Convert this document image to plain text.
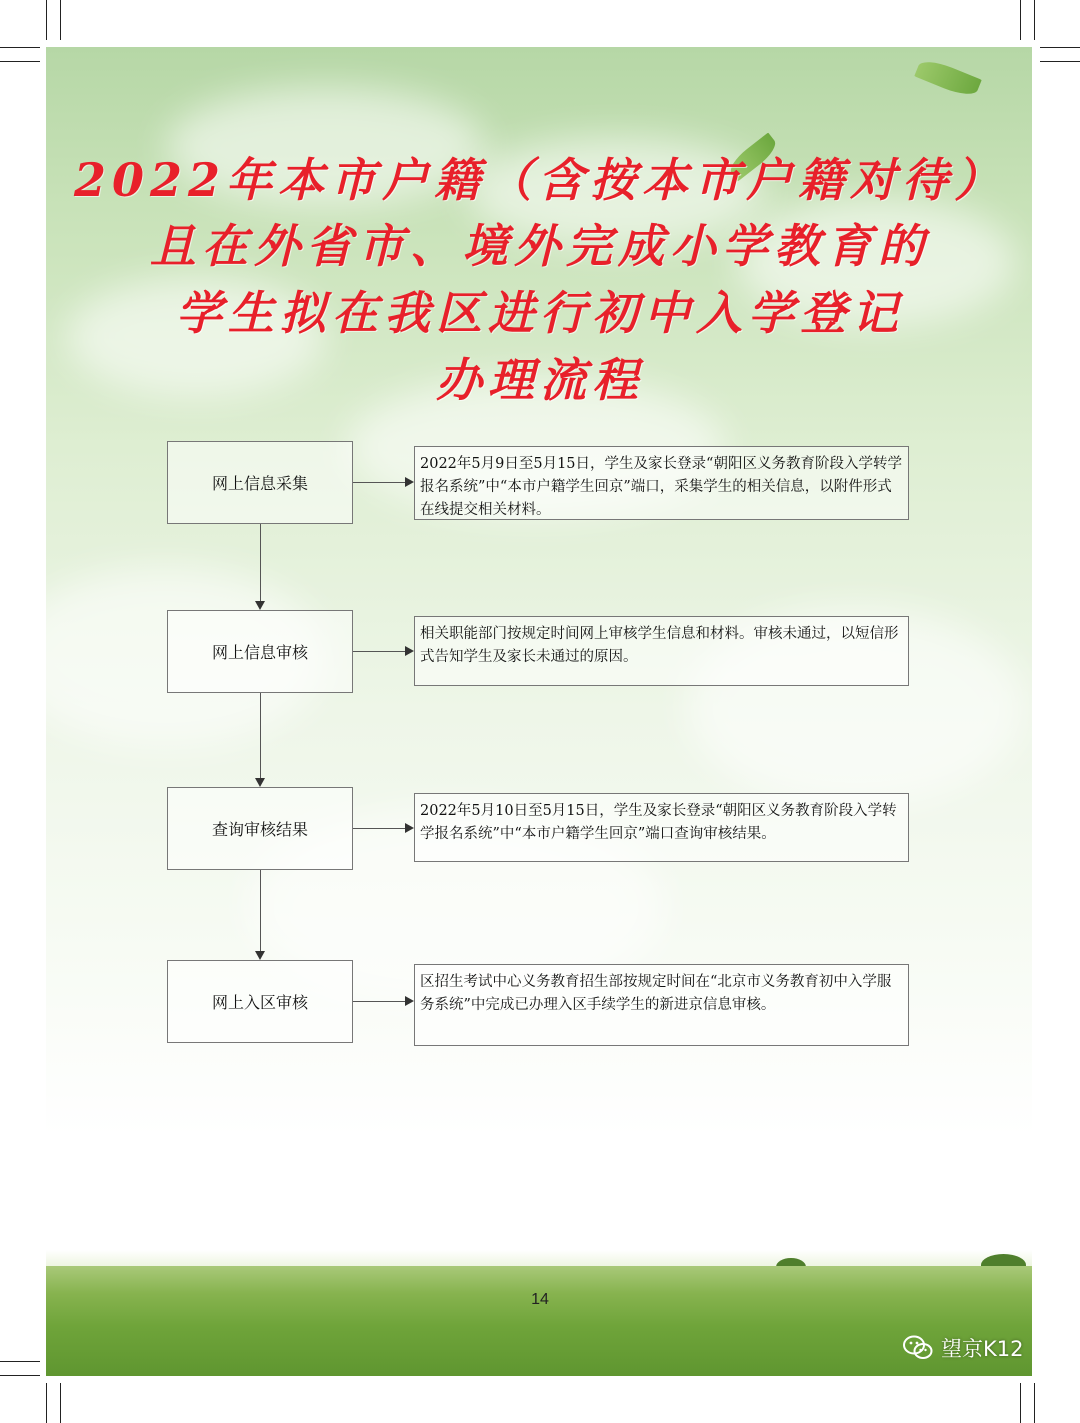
2022年本市户籍（含按本市户籍对待）
且在外省市、境外完成小学教育的
学生拟在我区进行初中入学登记
办理流程
网上信息采集
网上信息审核
查询审核结果
网上入区审核
2022年5月9日至5月15日，学生及家长登录“朝阳区义务教育阶段入学转学报名系统”中“本市户籍学生回京”端口，采集学生的相关信息，以附件形式在线提交相关材料。
相关职能部门按规定时间网上审核学生信息和材料。审核未通过，以短信形式告知学生及家长未通过的原因。
2022年5月10日至5月15日，学生及家长登录“朝阳区义务教育阶段入学转学报名系统”中“本市户籍学生回京”端口查询审核结果。
区招生考试中心义务教育招生部按规定时间在“北京市义务教育初中入学服务系统”中完成已办理入区手续学生的新进京信息审核。
14
望京K12
